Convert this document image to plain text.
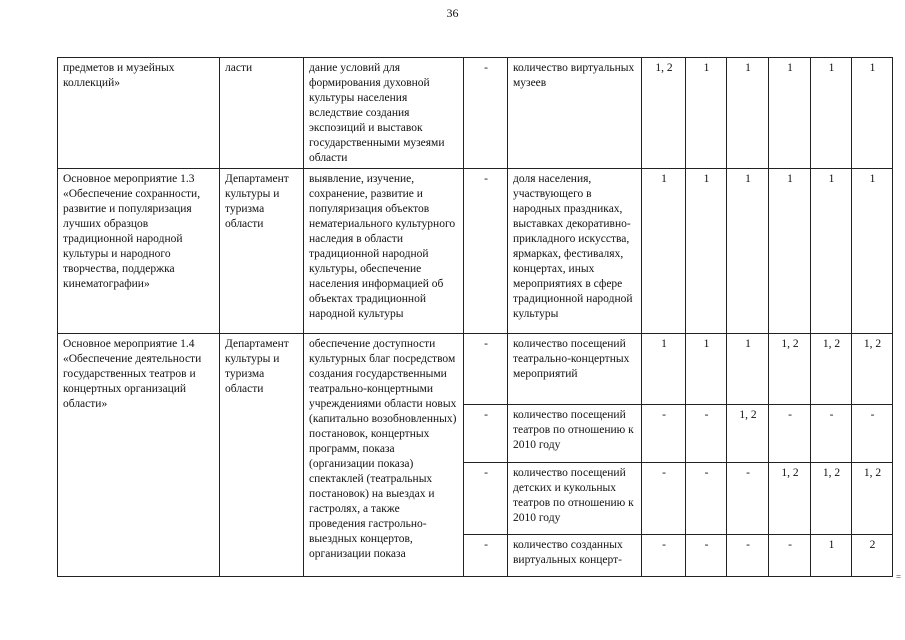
36
предметов и музейных коллекций»	ласти	дание условий для формирования духовной культуры населения вследствие создания экспозиций и выставок государственными музеями области	-	количество виртуальных музеев	1, 2	1	1	1	1	1
Основное мероприятие 1.3 «Обеспечение сохранности, развитие и популяризация лучших образцов традиционной народной культуры и народного творчества, поддержка кинематографии»	Департамент культуры и туризма области	выявление, изучение, сохранение, развитие и популяризация объектов нематериального культурного наследия в области традиционной народной культуры, обеспечение населения информацией об объектах традиционной народной культуры	-	доля населения, участвующего в народных праздниках, выставках декоративно-прикладного искусства, ярмарках, фестивалях, концертах, иных мероприятиях в сфере традиционной народной культуры	1	1	1	1	1	1
Основное мероприятие 1.4 «Обеспечение деятельности государственных театров и концертных организаций области»	Департамент культуры и туризма области	обеспечение доступности культурных благ посредством создания государственными театрально-концертными учреждениями области новых (капитально возобновленных) постановок, концертных программ, показа (организации показа) спектаклей (театральных постановок) на выездах и гастролях, а также проведения гастрольно-выездных концертов, организации показа	-	количество посещений театрально-концертных мероприятий	1	1	1	1, 2	1, 2	1, 2
			-	количество посещений театров по отношению к 2010 году	-	-	1, 2	-	-	-
			-	количество посещений детских и кукольных театров по отношению к 2010 году	-	-	-	1, 2	1, 2	1, 2
			-	количество созданных виртуальных концерт-	-	-	-	-	1	2
=
